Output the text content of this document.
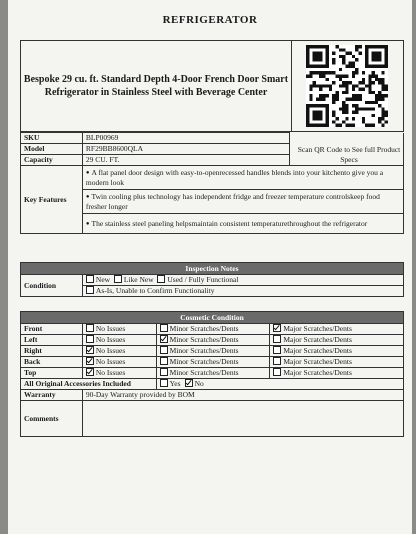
REFRIGERATOR
Bespoke 29 cu. ft. Standard Depth 4-Door French Door Smart Refrigerator in Stainless Steel with Beverage Center
Scan QR Code to See full Product Specs
SKU	BLP00969	
Model	RF29BB8600QLA	
Capacity	29 CU. FT.	
Key Features	● A flat panel door design with easy-to-openrecessed handles blends into your kitchento give you a modern look
	● Twin cooling plus technology has independent fridge and freezer temperature controlskeep food fresher longer
	● The stainless steel paneling helpsmaintain consistent temperaturethroughout the refrigerator
Inspection Notes
Condition	New Like New Used / Fully Functional
As-Is, Unable to Confirm Functionality
Cosmetic Condition			
Front	No Issues	Minor Scratches/Dents	Major Scratches/Dents
Left	No Issues	Minor Scratches/Dents	Major Scratches/Dents
Right	No Issues	Minor Scratches/Dents	Major Scratches/Dents
Back	No Issues	Minor Scratches/Dents	Major Scratches/Dents
Top	No Issues	Minor Scratches/Dents	Major Scratches/Dents
All Original Accessories Included		Yes No	
Warranty	90-Day Warranty provided by BOM		
Comments			
